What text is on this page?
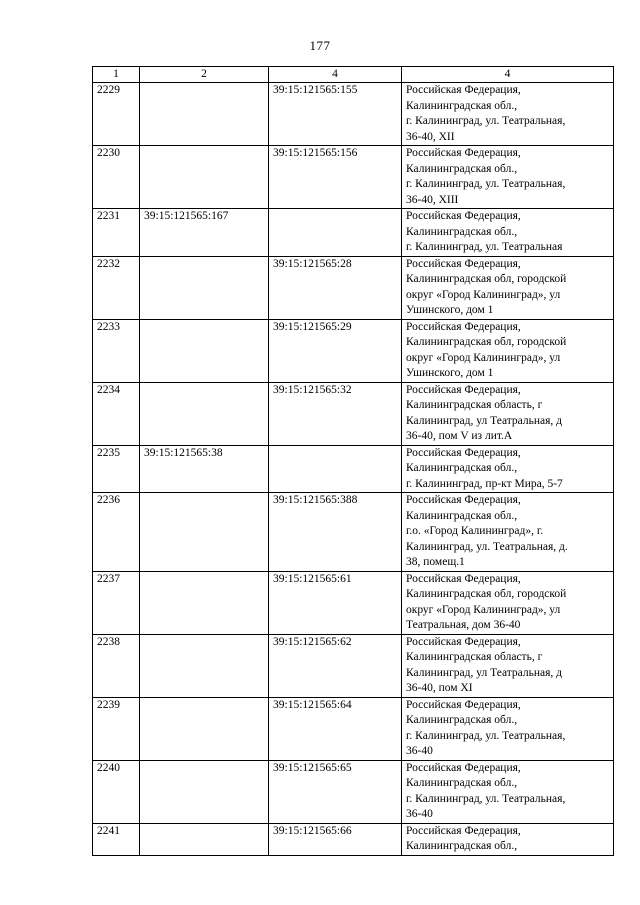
177
1	2	4	4
2229		39:15:121565:155	Российская Федерация,
Калининградская обл.,
г. Калининград, ул. Театральная,
36-40, XII

2230		39:15:121565:156	Российская Федерация,
Калининградская обл.,
г. Калининград, ул. Театральная,
36-40, XIII

2231	39:15:121565:167		Российская Федерация,
Калининградская обл.,
г. Калининград, ул. Театральная

2232		39:15:121565:28	Российская Федерация,
Калининградская обл, городской
округ «Город Калининград», ул
Ушинского, дом 1

2233		39:15:121565:29	Российская Федерация,
Калининградская обл, городской
округ «Город Калининград», ул
Ушинского, дом 1

2234		39:15:121565:32	Российская Федерация,
Калининградская область, г
Калининград, ул Театральная, д
36-40, пом V из лит.А

2235	39:15:121565:38		Российская Федерация,
Калининградская обл.,
г. Калининград, пр-кт Мира, 5-7

2236		39:15:121565:388	Российская Федерация,
Калининградская обл.,
г.о. «Город Калининград», г.
Калининград, ул. Театральная, д.
38, помещ.1

2237		39:15:121565:61	Российская Федерация,
Калининградская обл, городской
округ «Город Калининград», ул
Театральная, дом 36-40

2238		39:15:121565:62	Российская Федерация,
Калининградская область, г
Калининград, ул Театральная, д
36-40, пом XI

2239		39:15:121565:64	Российская Федерация,
Калининградская обл.,
г. Калининград, ул. Театральная,
36-40

2240		39:15:121565:65	Российская Федерация,
Калининградская обл.,
г. Калининград, ул. Театральная,
36-40

2241		39:15:121565:66	Российская Федерация,
Калининградская обл.,
